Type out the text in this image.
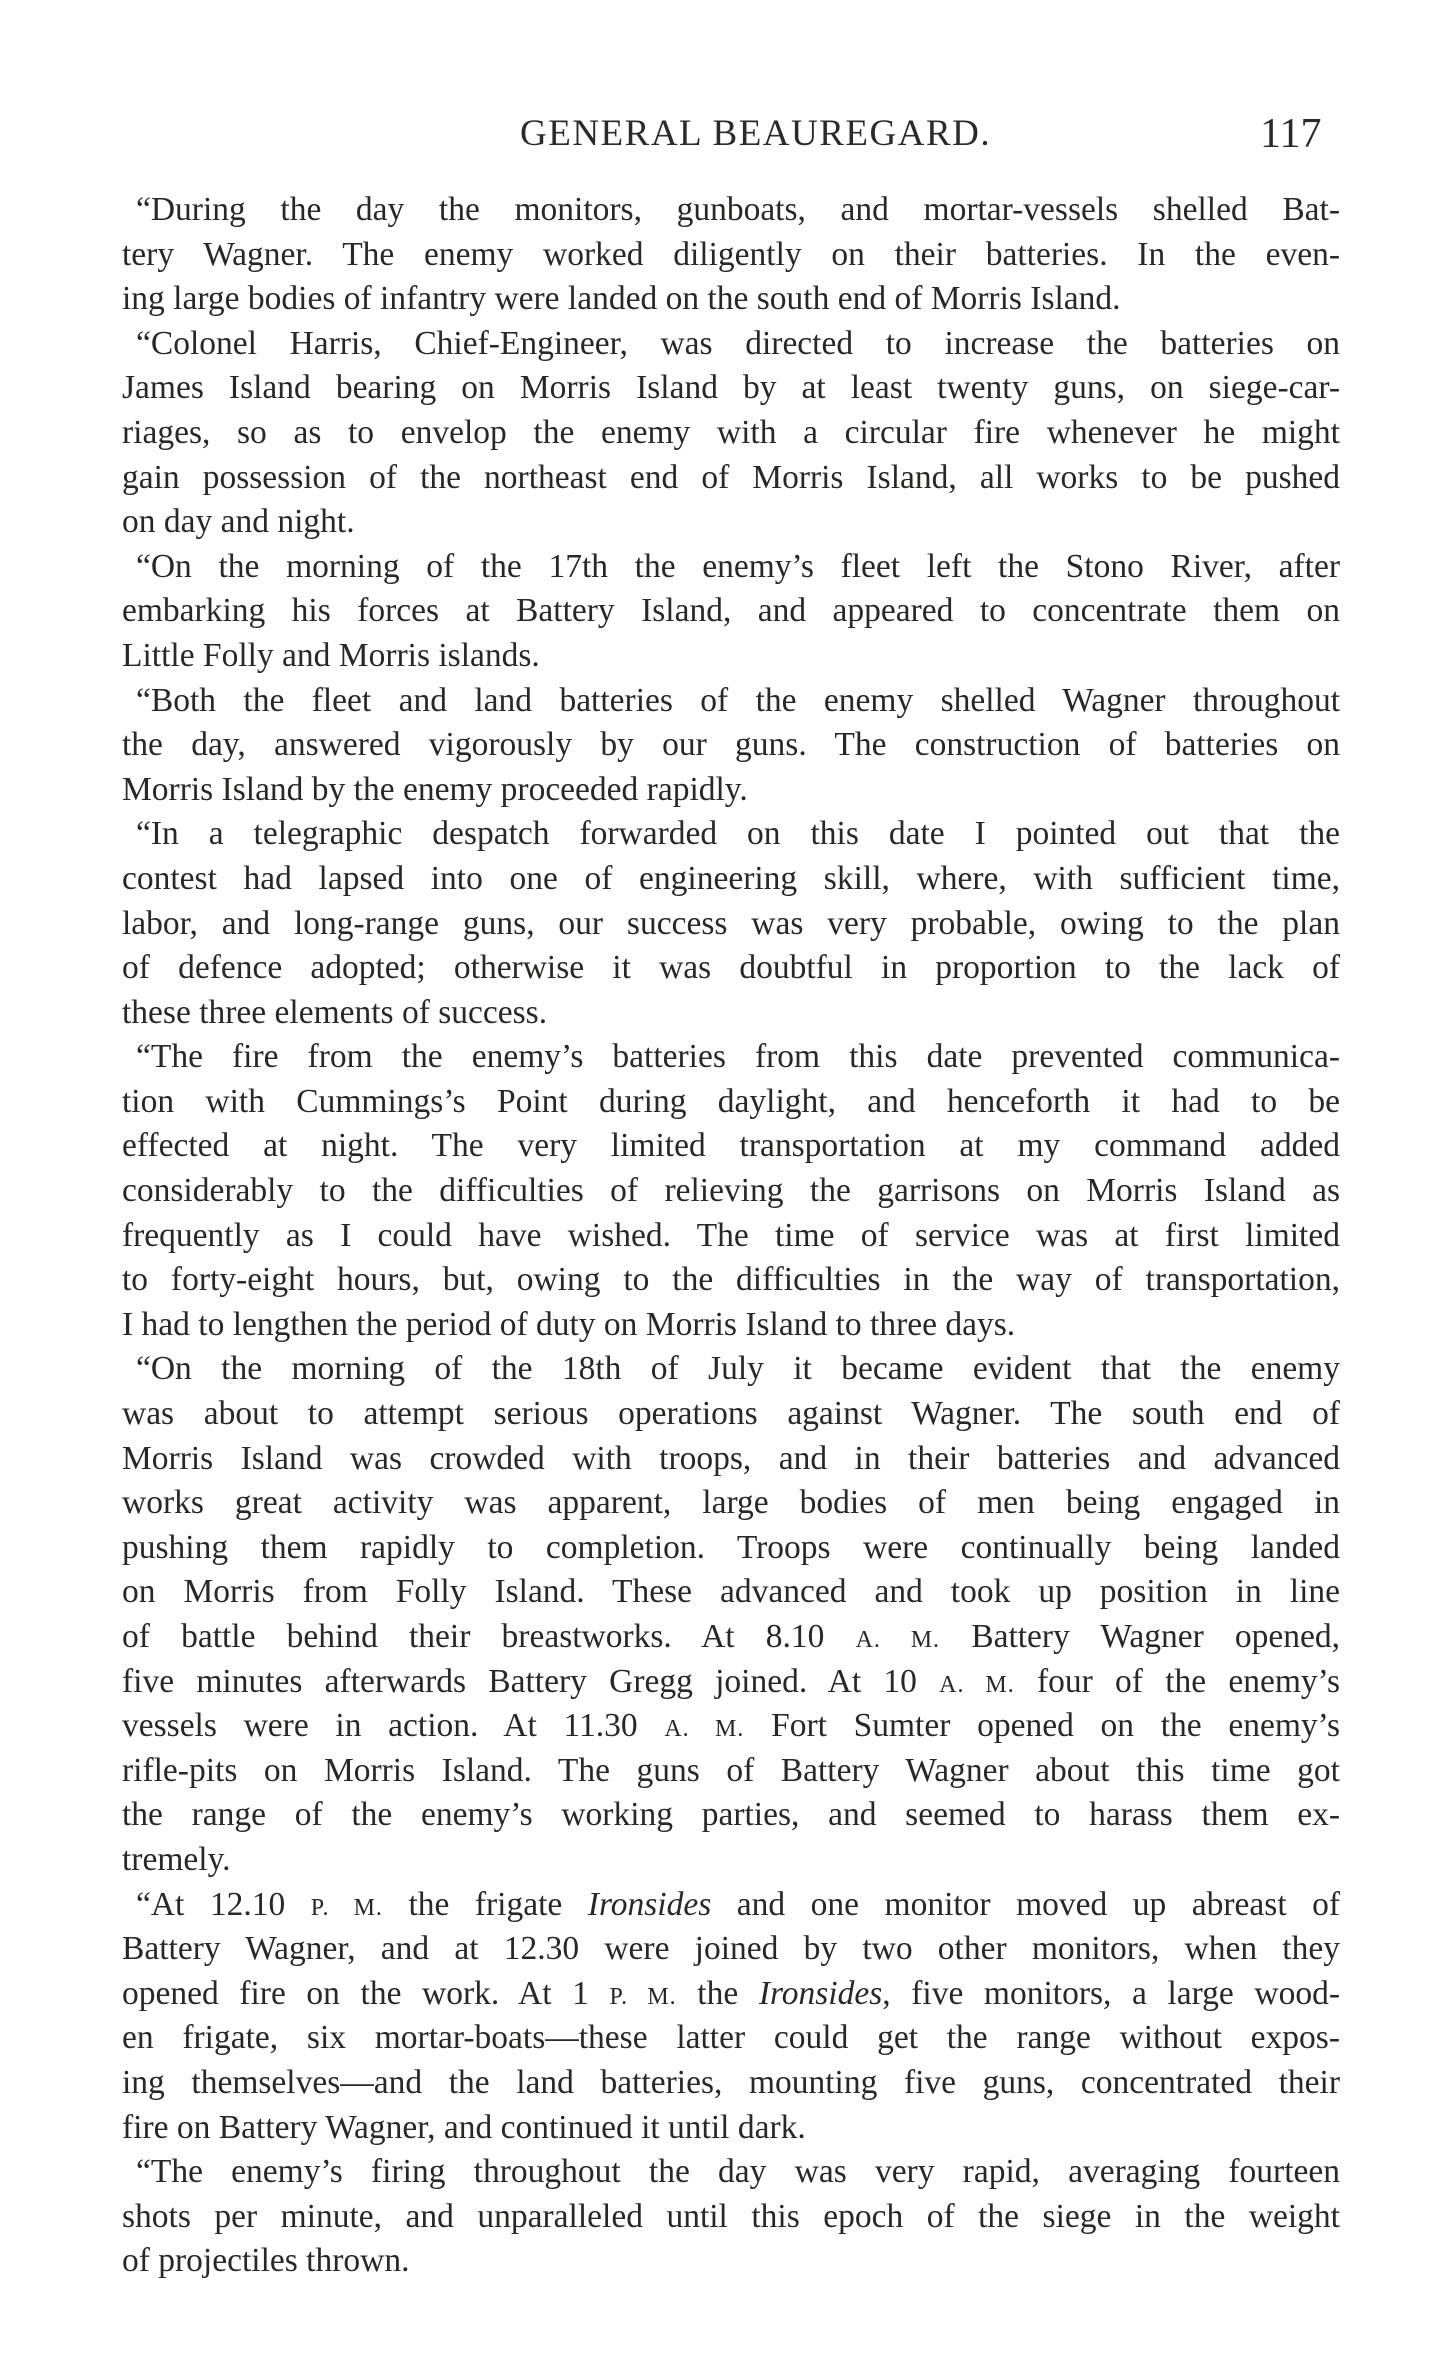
GENERAL BEAUREGARD.	117
“During the day the monitors, gunboats, and mortar-vessels shelled Bat-
tery Wagner. The enemy worked diligently on their batteries. In the even-
ing large bodies of infantry were landed on the south end of Morris Island.
“Colonel Harris, Chief-Engineer, was directed to increase the batteries on
James Island bearing on Morris Island by at least twenty guns, on siege-car-
riages, so as to envelop the enemy with a circular fire whenever he might
gain possession of the northeast end of Morris Island, all works to be pushed
on day and night.
“On the morning of the 17th the enemy’s fleet left the Stono River, after
embarking his forces at Battery Island, and appeared to concentrate them on
Little Folly and Morris islands.
“Both the fleet and land batteries of the enemy shelled Wagner throughout
the day, answered vigorously by our guns. The construction of batteries on
Morris Island by the enemy proceeded rapidly.
“In a telegraphic despatch forwarded on this date I pointed out that the
contest had lapsed into one of engineering skill, where, with sufficient time,
labor, and long-range guns, our success was very probable, owing to the plan
of defence adopted; otherwise it was doubtful in proportion to the lack of
these three elements of success.
“The fire from the enemy’s batteries from this date prevented communica-
tion with Cummings’s Point during daylight, and henceforth it had to be
effected at night. The very limited transportation at my command added
considerably to the difficulties of relieving the garrisons on Morris Island as
frequently as I could have wished. The time of service was at first limited
to forty-eight hours, but, owing to the difficulties in the way of transportation,
I had to lengthen the period of duty on Morris Island to three days.
“On the morning of the 18th of July it became evident that the enemy
was about to attempt serious operations against Wagner. The south end of
Morris Island was crowded with troops, and in their batteries and advanced
works great activity was apparent, large bodies of men being engaged in
pushing them rapidly to completion. Troops were continually being landed
on Morris from Folly Island. These advanced and took up position in line
of battle behind their breastworks. At 8.10 A. M. Battery Wagner opened,
five minutes afterwards Battery Gregg joined. At 10 A. M. four of the enemy’s
vessels were in action. At 11.30 A. M. Fort Sumter opened on the enemy’s
rifle-pits on Morris Island. The guns of Battery Wagner about this time got
the range of the enemy’s working parties, and seemed to harass them ex-
tremely.
“At 12.10 P. M. the frigate Ironsides and one monitor moved up abreast of
Battery Wagner, and at 12.30 were joined by two other monitors, when they
opened fire on the work. At 1 P. M. the Ironsides, five monitors, a large wood-
en frigate, six mortar-boats—these latter could get the range without expos-
ing themselves—and the land batteries, mounting five guns, concentrated their
fire on Battery Wagner, and continued it until dark.
“The enemy’s firing throughout the day was very rapid, averaging fourteen
shots per minute, and unparalleled until this epoch of the siege in the weight
of projectiles thrown.
